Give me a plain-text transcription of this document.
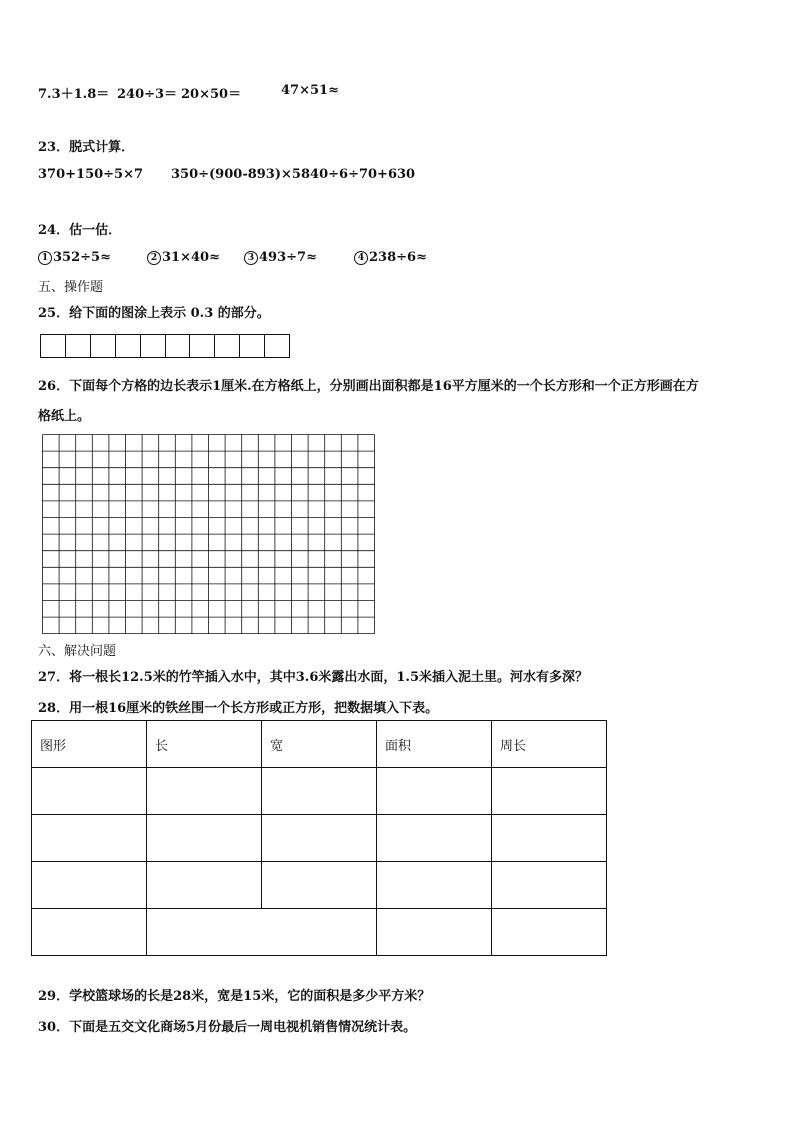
7.3＋1.8＝ 240÷3＝ 20×50＝	47×51≈
23．脱式计算．
370+150÷5×7 350÷(900-893)×5 840÷6÷70+630
24．估一估．
1 352÷5≈	2 31×40≈	3 493÷7≈	4 238÷6≈
五、操作题
25．给下面的图涂上表示 0.3 的部分。
26．下面每个方格的边长表示1厘米.在方格纸上，分别画出面积都是16平方厘米的一个长方形和一个正方形画在方
格纸上。
六、解决问题
27．将一根长12.5米的竹竿插入水中，其中3.6米露出水面，1.5米插入泥土里。河水有多深？
28．用一根16厘米的铁丝围一个长方形或正方形，把数据填入下表。
图形	长	宽	面积	周长

29．学校篮球场的长是28米，宽是15米，它的面积是多少平方米？
30．下面是五交文化商场5月份最后一周电视机销售情况统计表。
